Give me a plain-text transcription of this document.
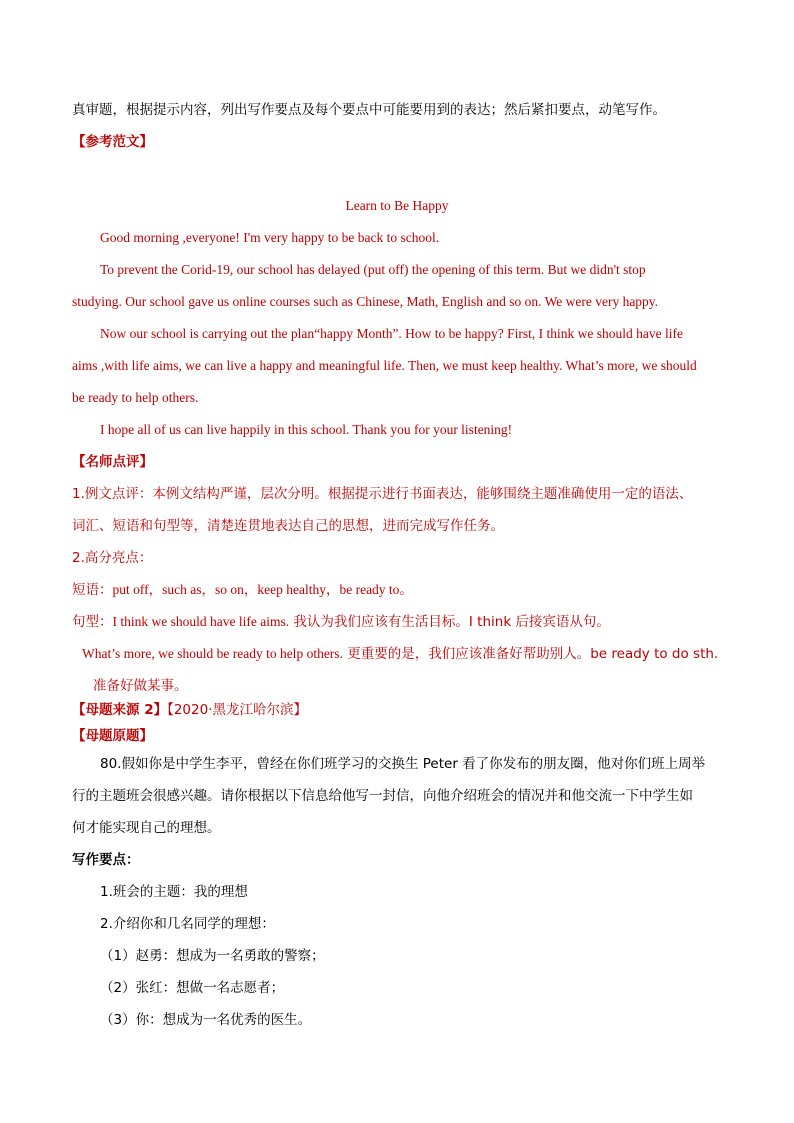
真审题，根据提示内容，列出写作要点及每个要点中可能要用到的表达；然后紧扣要点，动笔写作。
【参考范文】
Learn to Be Happy
Good morning ,everyone! I'm very happy to be back to school.
To prevent the Corid-19, our school has delayed (put off) the opening of this term. But we didn't stop
studying. Our school gave us online courses such as Chinese, Math, English and so on. We were very happy.
Now our school is carrying out the plan“happy Month”. How to be happy? First, I think we should have life
aims ,with life aims, we can live a happy and meaningful life. Then, we must keep healthy. What’s more, we should
be ready to help others.
I hope all of us can live happily in this school. Thank you for your listening!
【名师点评】
1.例文点评：本例文结构严谨，层次分明。根据提示进行书面表达，能够围绕主题准确使用一定的语法、
词汇、短语和句型等，清楚连贯地表达自己的思想，进而完成写作任务。
2.高分亮点：
短语：put off，such as，so on，keep healthy，be ready to。
句型：I think we should have life aims. 我认为我们应该有生活目标。I think 后接宾语从句。
What’s more, we should be ready to help others. 更重要的是，我们应该准备好帮助别人。be ready to do sth.
准备好做某事。
【母题来源 2】【2020·黑龙江哈尔滨】
【母题原题】
80.假如你是中学生李平，曾经在你们班学习的交换生 Peter 看了你发布的朋友圈，他对你们班上周举
行的主题班会很感兴趣。请你根据以下信息给他写一封信，向他介绍班会的情况并和他交流一下中学生如
何才能实现自己的理想。
写作要点：
1.班会的主题：我的理想
2.介绍你和几名同学的理想：
（1）赵勇：想成为一名勇敢的警察；
（2）张红：想做一名志愿者；
（3）你：想成为一名优秀的医生。
